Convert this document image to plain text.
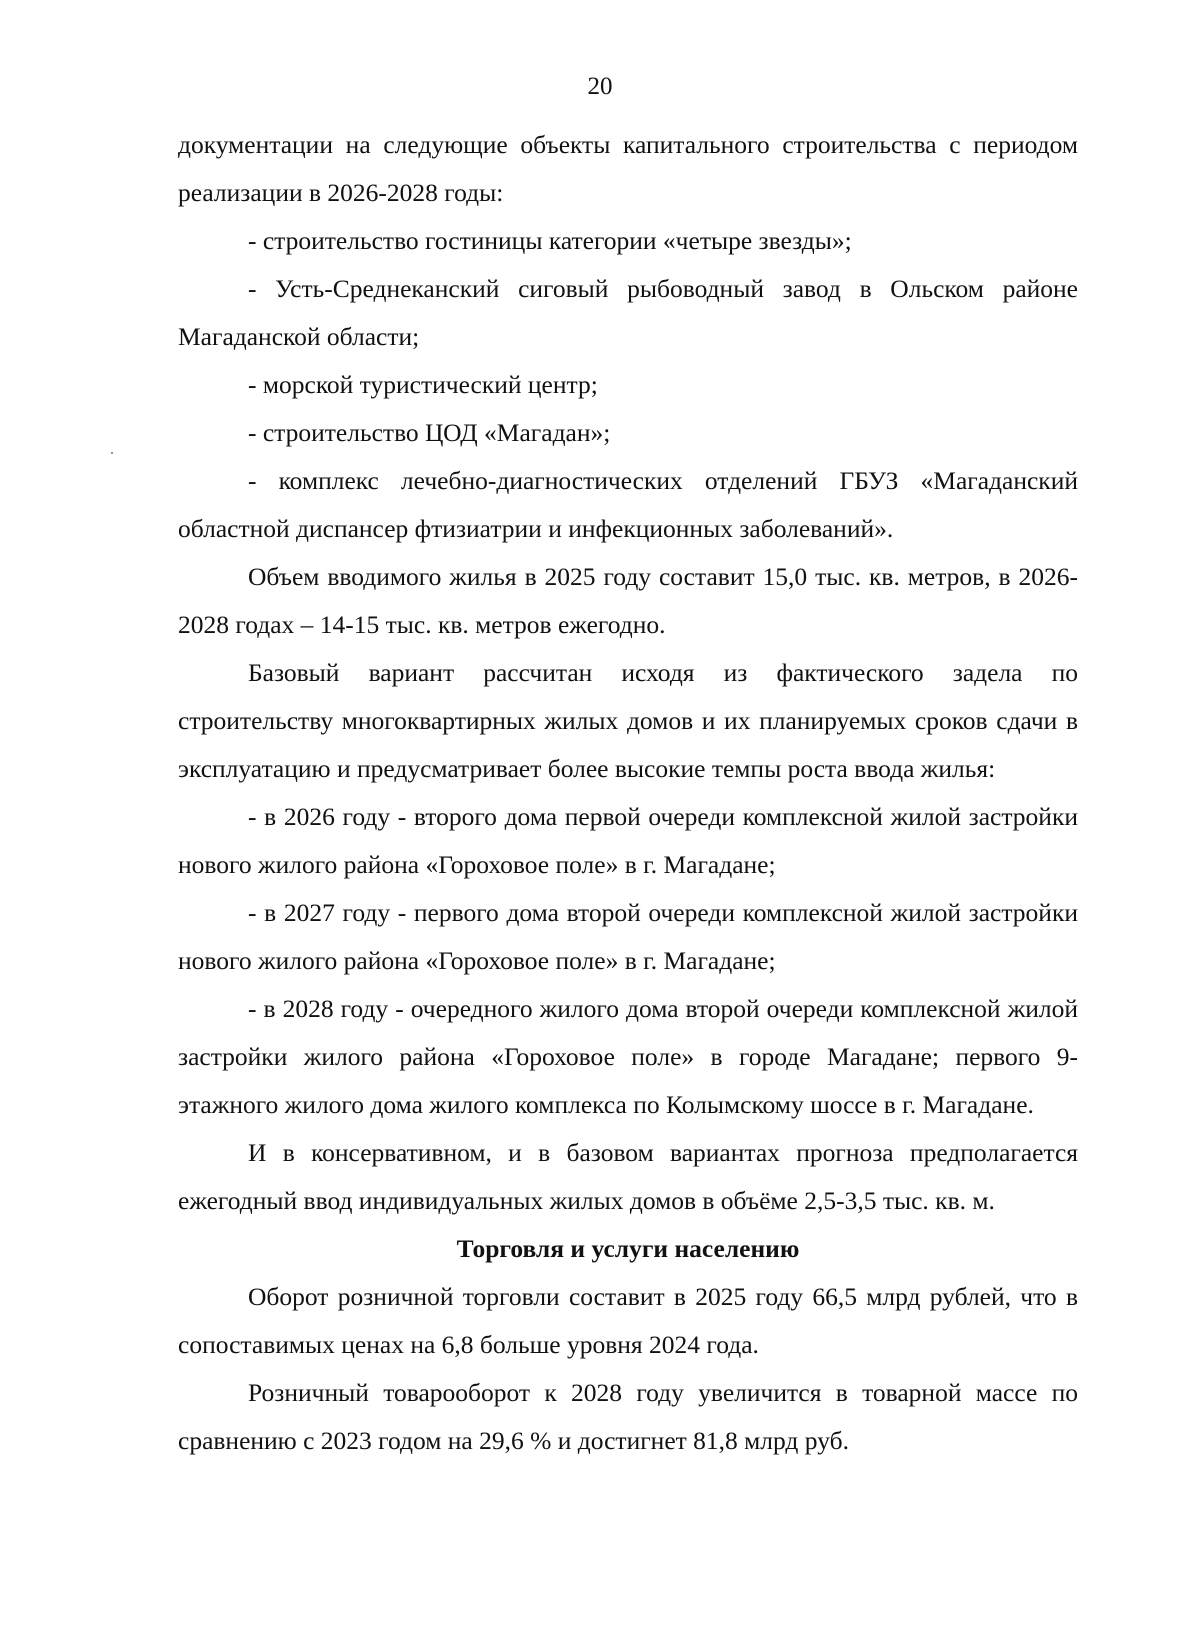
20

документации на следующие объекты капитального строительства с периодом реализации в 2026-2028 годы:

- строительство гостиницы категории «четыре звезды»;

- Усть-Среднеканский сиговый рыбоводный завод в Ольском районе Магаданской области;

- морской туристический центр;

- строительство ЦОД «Магадан»;

- комплекс лечебно-диагностических отделений ГБУЗ «Магаданский областной диспансер фтизиатрии и инфекционных заболеваний».

Объем вводимого жилья в 2025 году составит 15,0 тыс. кв. метров, в 2026-2028 годах – 14-15 тыс. кв. метров ежегодно.

Базовый вариант рассчитан исходя из фактического задела по строительству многоквартирных жилых домов и их планируемых сроков сдачи в эксплуатацию и предусматривает более высокие темпы роста ввода жилья:

- в 2026 году - второго дома первой очереди комплексной жилой застройки нового жилого района «Гороховое поле» в г. Магадане;

- в 2027 году - первого дома второй очереди комплексной жилой застройки нового жилого района «Гороховое поле» в г. Магадане;

- в 2028 году - очередного жилого дома второй очереди комплексной жилой застройки жилого района «Гороховое поле» в городе Магадане; первого 9-этажного жилого дома жилого комплекса по Колымскому шоссе в г. Магадане.

И в консервативном, и в базовом вариантах прогноза предполагается ежегодный ввод индивидуальных жилых домов в объёме 2,5-3,5 тыс. кв. м.

Торговля и услуги населению

Оборот розничной торговли составит в 2025 году 66,5 млрд рублей, что в сопоставимых ценах на 6,8 больше уровня 2024 года.

Розничный товарооборот к 2028 году увеличится в товарной массе по сравнению с 2023 годом на 29,6 % и достигнет 81,8 млрд руб.
